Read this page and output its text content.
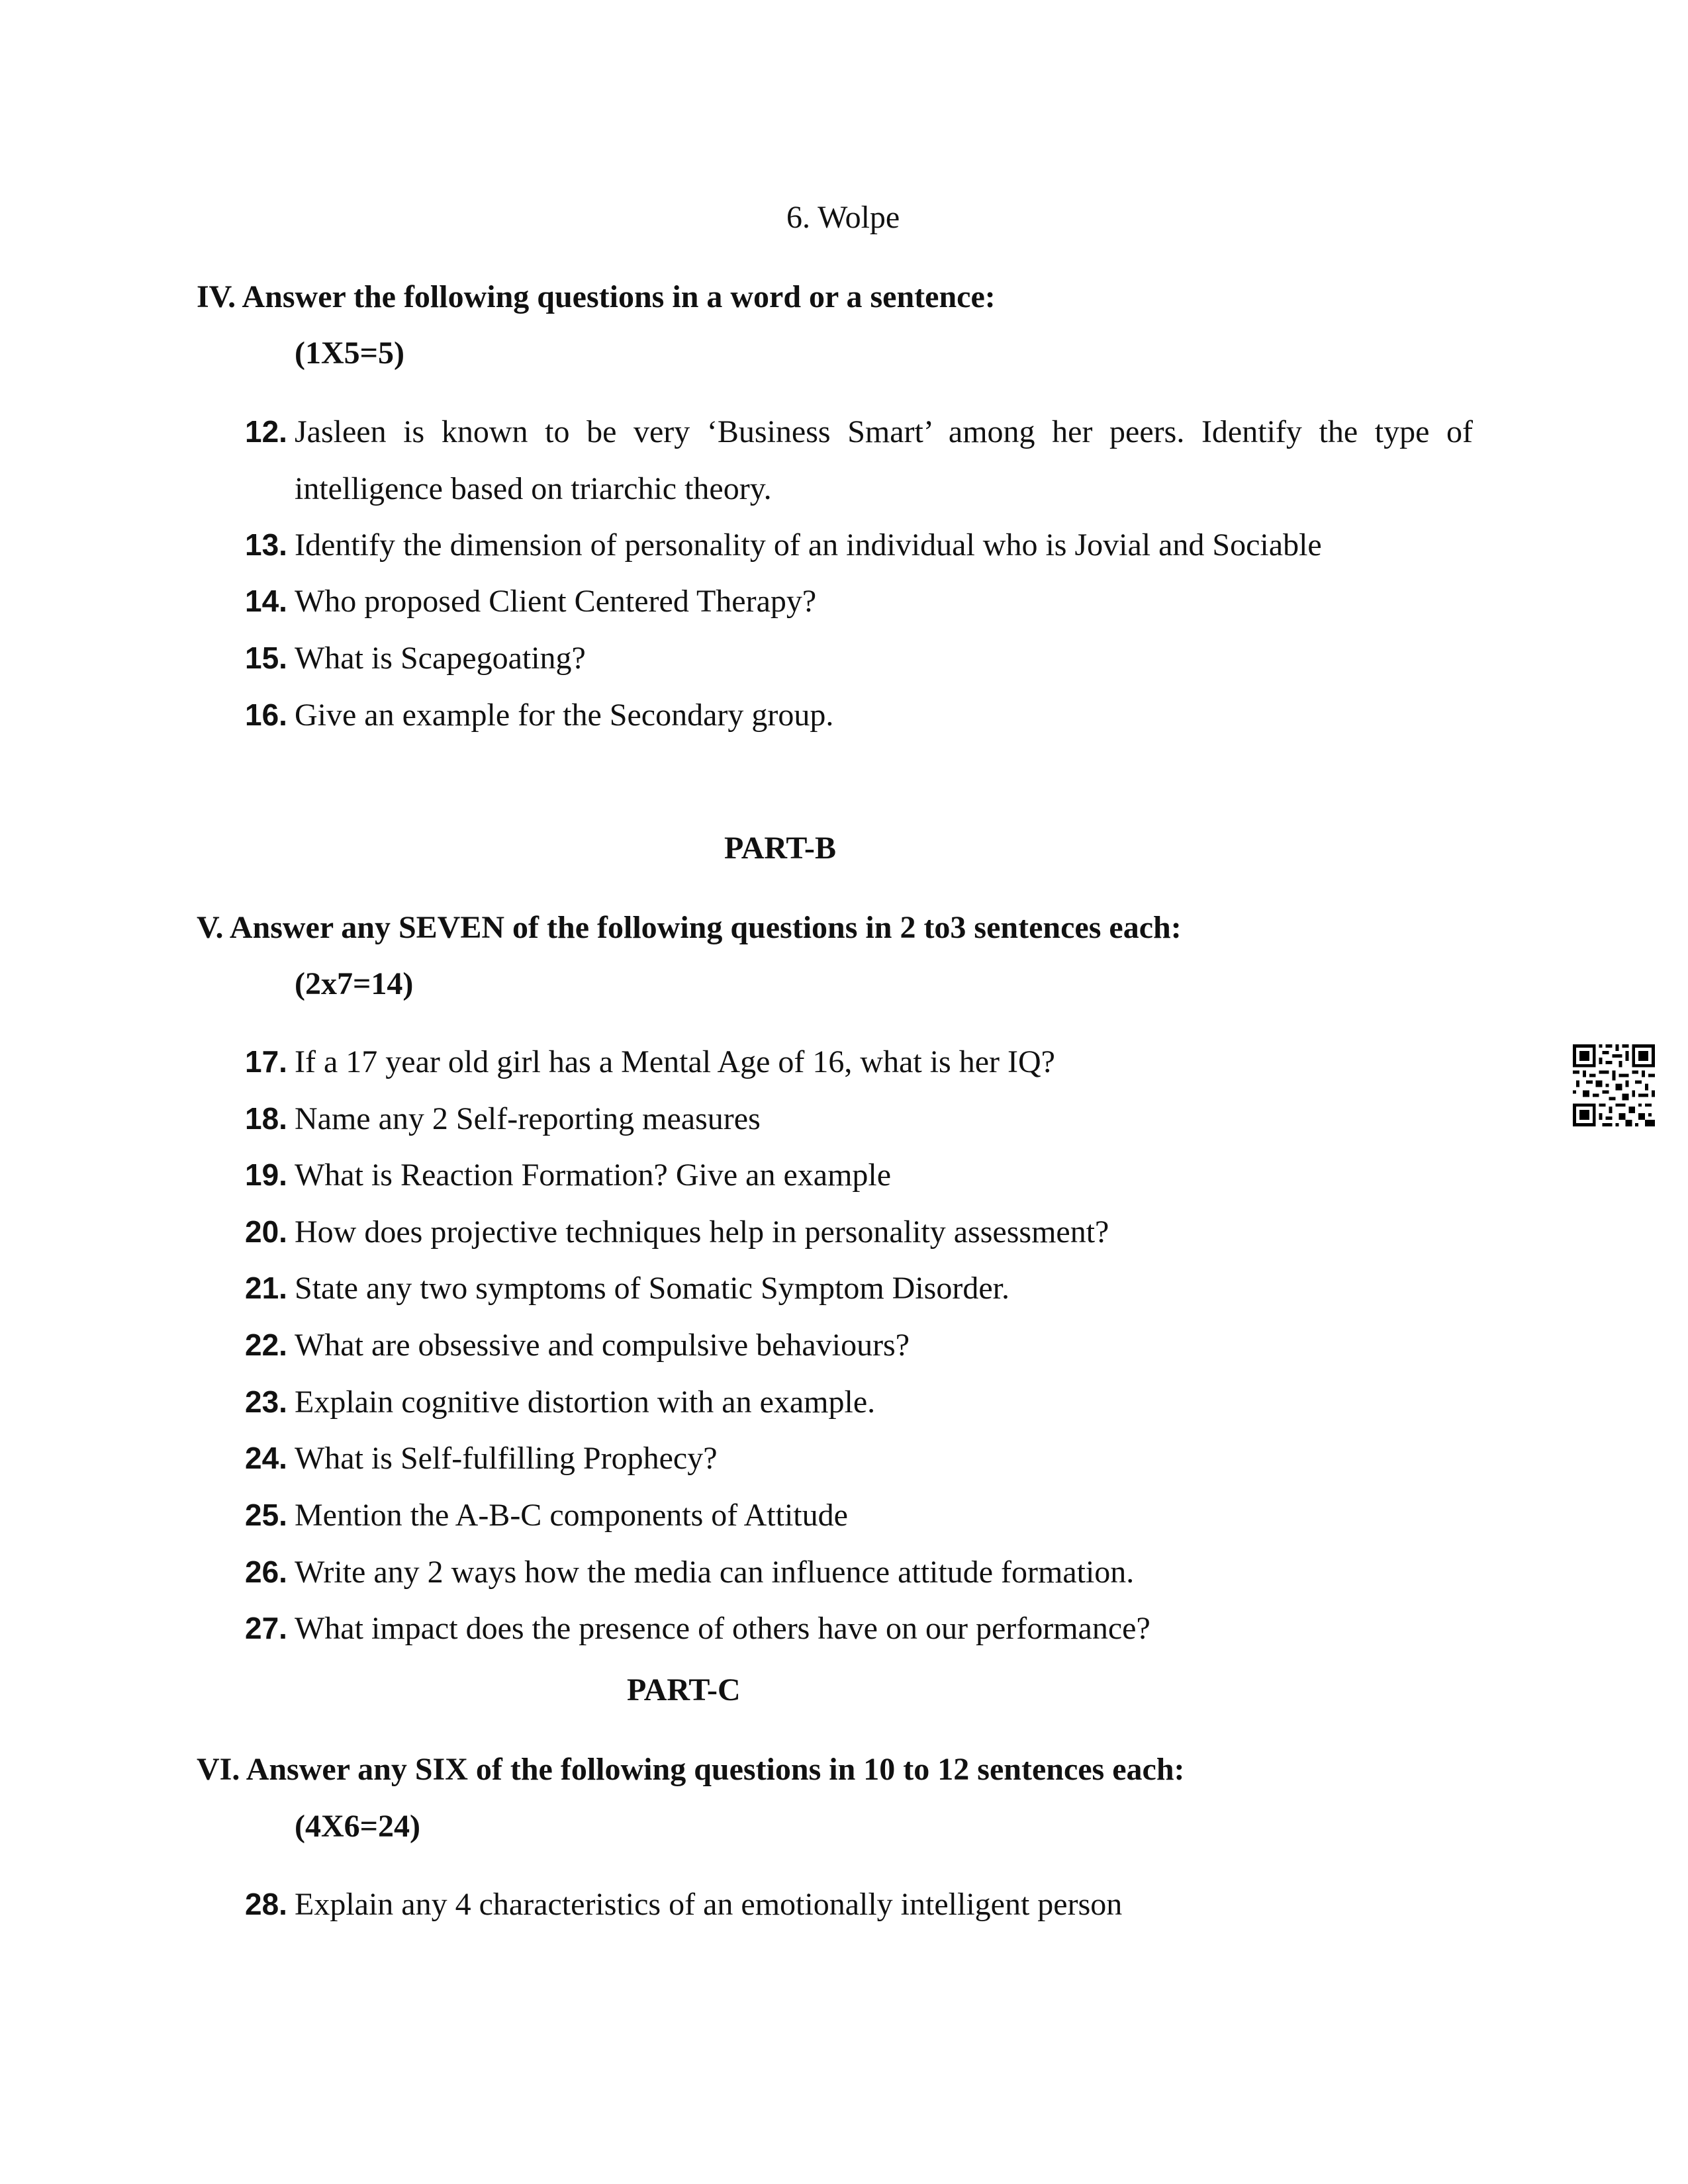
6. Wolpe
IV. Answer the following questions in a word or a sentence:
(1X5=5)
12. Jasleen is known to be very ‘Business Smart’ among her peers. Identify the type of
intelligence based on triarchic theory.
13. Identify the dimension of personality of an individual who is Jovial and Sociable
14. Who proposed Client Centered Therapy?
15. What is Scapegoating?
16. Give an example for the Secondary group.
PART-B
V. Answer any SEVEN of the following questions in 2 to3 sentences each:
(2x7=14)
17. If a 17 year old girl has a Mental Age of 16, what is her IQ?
18. Name any 2 Self-reporting measures
19. What is Reaction Formation? Give an example
20. How does projective techniques help in personality assessment?
21. State any two symptoms of Somatic Symptom Disorder.
22. What are obsessive and compulsive behaviours?
23. Explain cognitive distortion with an example.
24. What is Self-fulfilling Prophecy?
25. Mention the A-B-C components of Attitude
26. Write any 2 ways how the media can influence attitude formation.
27. What impact does the presence of others have on our performance?
PART-C
VI. Answer any SIX of the following questions in 10 to 12 sentences each:
(4X6=24)
28. Explain any 4 characteristics of an emotionally intelligent person
